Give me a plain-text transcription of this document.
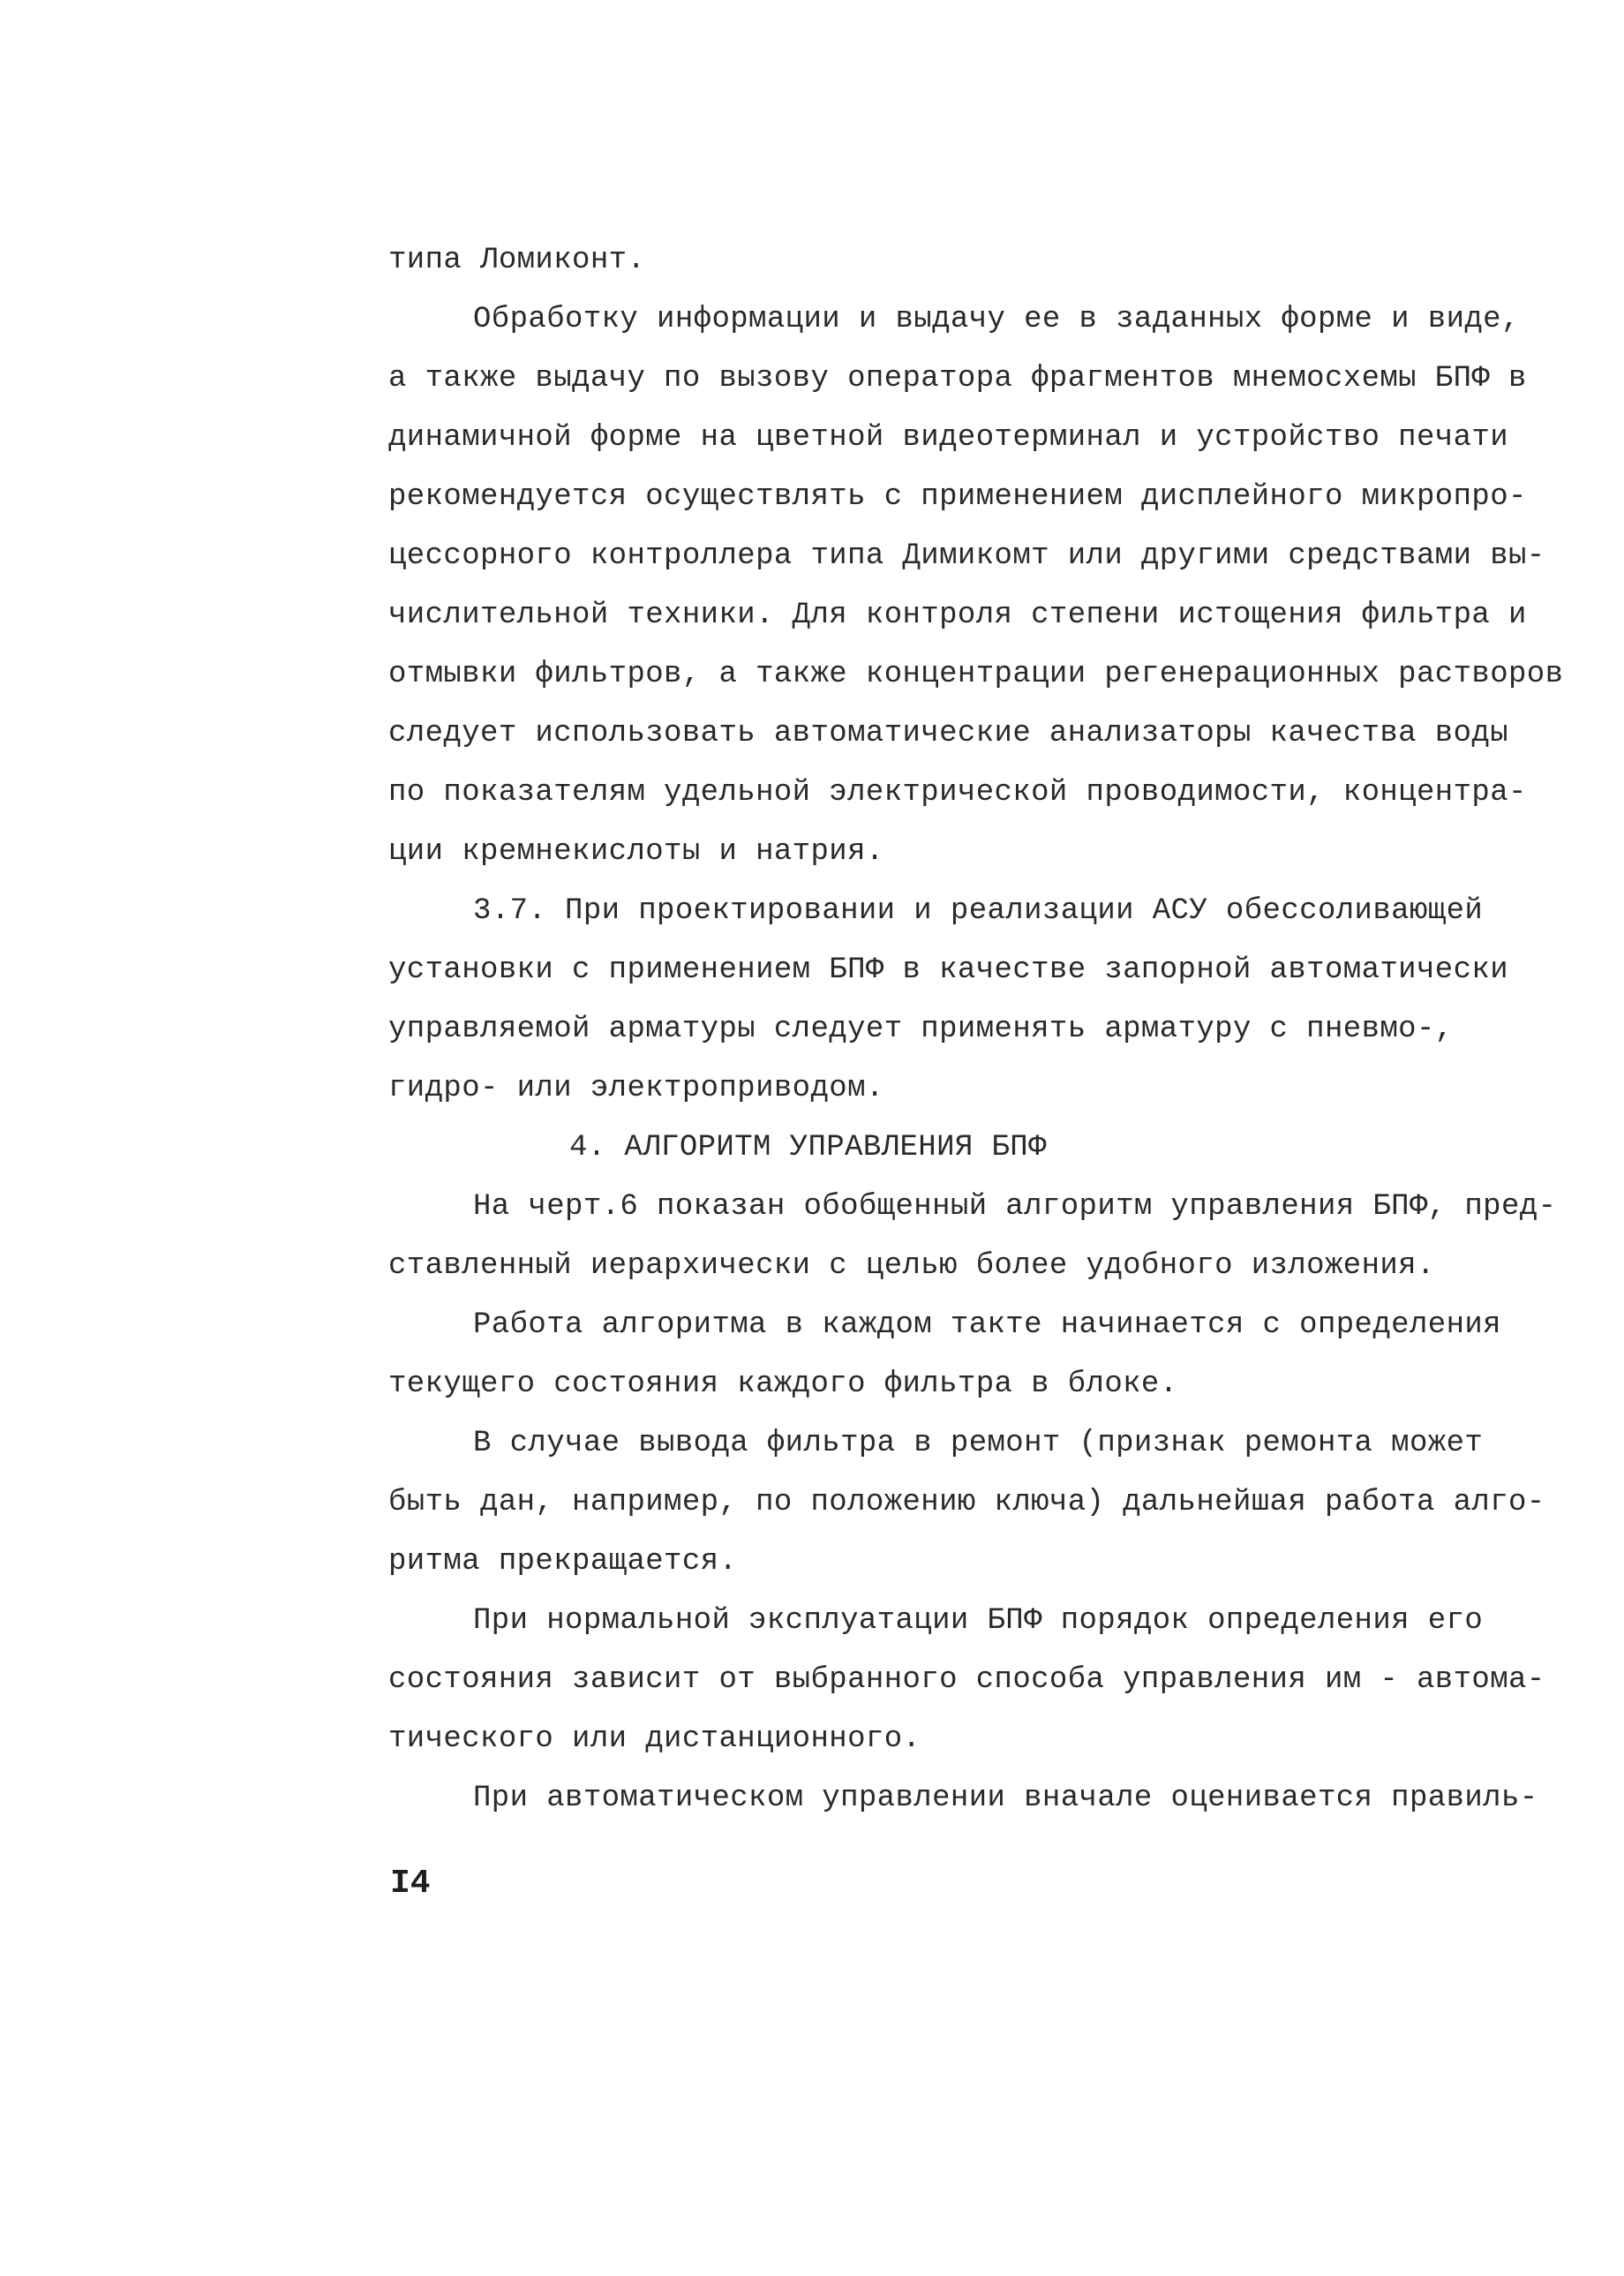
типа Ломиконт.
Обработку информации и выдачу ее в заданных форме и виде,
а также выдачу по вызову оператора фрагментов мнемосхемы БПФ в
динамичной форме на цветной видеотерминал и устройство печати
рекомендуется осуществлять с применением дисплейного микропро-
цессорного контроллера типа Димикомт или другими средствами вы-
числительной техники. Для контроля степени истощения фильтра и
отмывки фильтров, а также концентрации регенерационных растворов
следует использовать автоматические анализаторы качества воды
по показателям удельной электрической проводимости, концентра-
ции кремнекислоты и натрия.
3.7. При проектировании и реализации АСУ обессоливающей
установки с применением БПФ в качестве запорной автоматически
управляемой арматуры следует применять арматуру с пневмо-,
гидро- или электроприводом.
4. АЛГОРИТМ УПРАВЛЕНИЯ БПФ
На черт.6 показан обобщенный алгоритм управления БПФ, пред-
ставленный иерархически с целью более удобного изложения.
Работа алгоритма в каждом такте начинается с определения
текущего состояния каждого фильтра в блоке.
В случае вывода фильтра в ремонт (признак ремонта может
быть дан, например, по положению ключа) дальнейшая работа алго-
ритма прекращается.
При нормальной эксплуатации БПФ порядок определения его
состояния зависит от выбранного способа управления им - автома-
тического или дистанционного.
При автоматическом управлении вначале оценивается правиль-
I4
